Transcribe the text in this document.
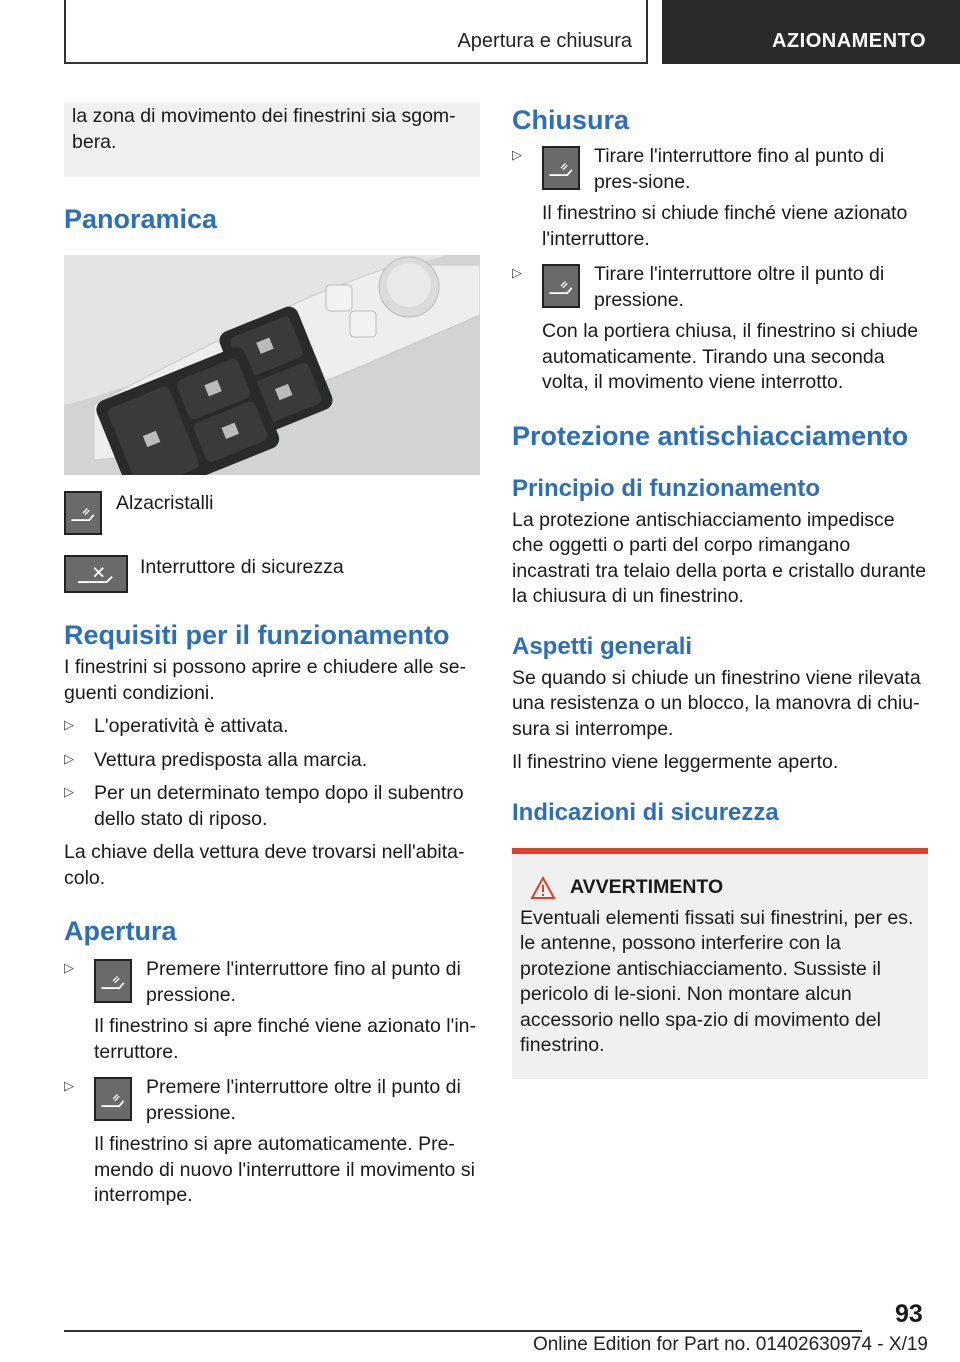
Apertura e chiusura	AZIONAMENTO

la zona di movimento dei finestrini sia sgom-bera.

Panoramica

Alzacristalli

Interruttore di sicurezza

Requisiti per il funzionamento

I finestrini si possono aprire e chiudere alle se-guenti condizioni.

▷	L'operatività è attivata.

▷	Vettura predisposta alla marcia.

▷	Per un determinato tempo dopo il subentro dello stato di riposo.

La chiave della vettura deve trovarsi nell'abita-colo.

Apertura
▷	Premere l'interruttore fino al punto di pressione.

Il finestrino si apre finché viene azionato l'in-terruttore.

▷	Premere l'interruttore oltre il punto di pressione.

Il finestrino si apre automaticamente. Pre-mendo di nuovo l'interruttore il movimento si interrompe.

Chiusura
▷	Tirare l'interruttore fino al punto di pres-sione.

Il finestrino si chiude finché viene azionato l'interruttore.

▷	Tirare l'interruttore oltre il punto di pressione.

Con la portiera chiusa, il finestrino si chiude automaticamente. Tirando una seconda volta, il movimento viene interrotto.

Protezione antischiacciamento
Principio di funzionamento

La protezione antischiacciamento impedisce che oggetti o parti del corpo rimangano incastrati tra telaio della porta e cristallo durante la chiusura di un finestrino.

Aspetti generali

Se quando si chiude un finestrino viene rilevata una resistenza o un blocco, la manovra di chiu-sura si interrompe.

Il finestrino viene leggermente aperto.

Indicazioni di sicurezza
AVVERTIMENTO

Eventuali elementi fissati sui finestrini, per es. le antenne, possono interferire con la protezione antischiacciamento. Sussiste il pericolo di le-sioni. Non montare alcun accessorio nello spa-zio di movimento del finestrino.

93
Online Edition for Part no. 01402630974 - X/19
